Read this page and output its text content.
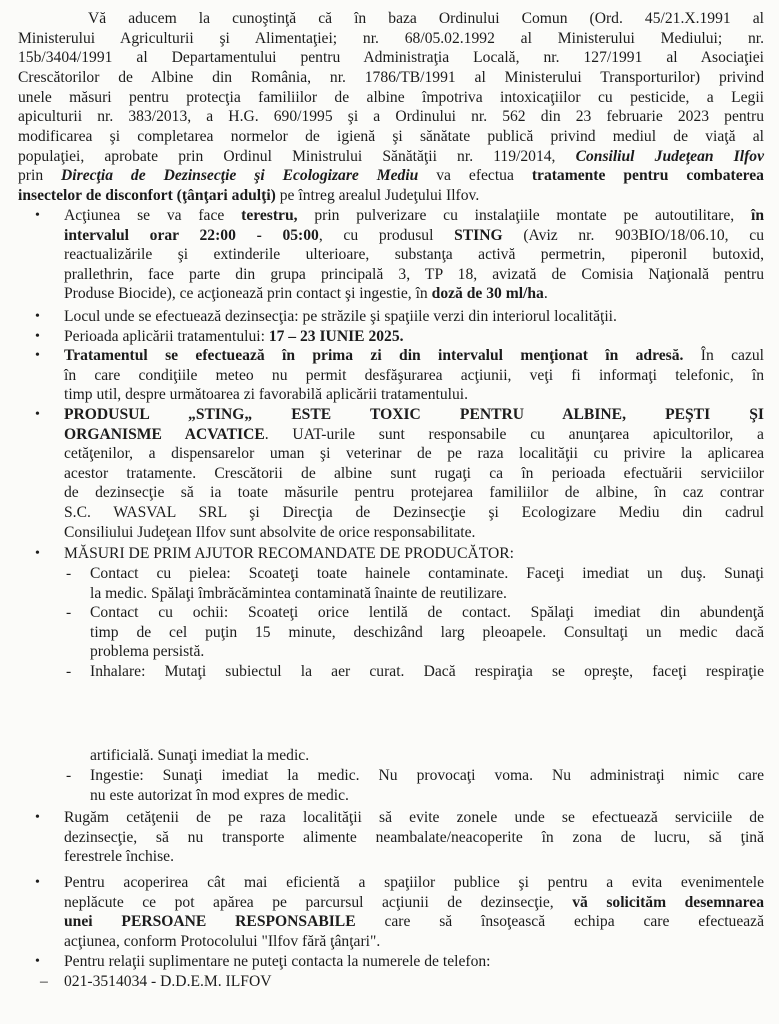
Vă aducem la cunoştinţă că în baza Ordinului Comun (Ord. 45/21.X.1991 al
Ministerului Agriculturii şi Alimentaţiei; nr. 68/05.02.1992 al Ministerului Mediului; nr.
15b/3404/1991 al Departamentului pentru Administraţia Locală, nr. 127/1991 al Asociaţiei
Crescătorilor de Albine din România, nr. 1786/TB/1991 al Ministerului Transporturilor) privind
unele măsuri pentru protecţia familiilor de albine împotriva intoxicaţiilor cu pesticide, a Legii
apiculturii nr. 383/2013, a H.G. 690/1995 şi a Ordinului nr. 562 din 23 februarie 2023 pentru
modificarea şi completarea normelor de igienă şi sănătate publică privind mediul de viaţă al
populaţiei, aprobate prin Ordinul Ministrului Sănătăţii nr. 119/2014, Consiliul Judeţean Ilfov
prin Direcţia de Dezinsecţie şi Ecologizare Mediu va efectua tratamente pentru combaterea
insectelor de disconfort (ţânţari adulţi) pe întreg arealul Judeţului Ilfov.
• Acţiunea se va face terestru, prin pulverizare cu instalaţiile montate pe autoutilitare, în
intervalul orar 22:00 - 05:00, cu produsul STING (Aviz nr. 903BIO/18/06.10, cu
reactualizările şi extinderile ulterioare, substanţa activă permetrin, piperonil butoxid,
prallethrin, face parte din grupa principală 3, TP 18, avizată de Comisia Naţională pentru
Produse Biocide), ce acţionează prin contact şi ingestie, în doză de 30 ml/ha.
• Locul unde se efectuează dezinsecţia: pe străzile şi spaţiile verzi din interiorul localităţii.
• Perioada aplicării tratamentului: 17 – 23 IUNIE 2025.
• Tratamentul se efectuează în prima zi din intervalul menţionat în adresă. În cazul
în care condiţiile meteo nu permit desfăşurarea acţiunii, veţi fi informaţi telefonic, în
timp util, despre următoarea zi favorabilă aplicării tratamentului.
• PRODUSUL „STING„ ESTE TOXIC PENTRU ALBINE, PEŞTI ŞI
ORGANISME ACVATICE. UAT-urile sunt responsabile cu anunţarea apicultorilor, a
cetăţenilor, a dispensarelor uman şi veterinar de pe raza localităţii cu privire la aplicarea
acestor tratamente. Crescătorii de albine sunt rugaţi ca în perioada efectuării serviciilor
de dezinsecţie să ia toate măsurile pentru protejarea familiilor de albine, în caz contrar
S.C. WASVAL SRL şi Direcţia de Dezinsecţie şi Ecologizare Mediu din cadrul
Consiliului Judeţean Ilfov sunt absolvite de orice responsabilitate.
• MĂSURI DE PRIM AJUTOR RECOMANDATE DE PRODUCĂTOR:
- Contact cu pielea: Scoateţi toate hainele contaminate. Faceţi imediat un duş. Sunaţi
la medic. Spălaţi îmbrăcămintea contaminată înainte de reutilizare.
- Contact cu ochii: Scoateţi orice lentilă de contact. Spălaţi imediat din abundenţă
timp de cel puţin 15 minute, deschizând larg pleoapele. Consultaţi un medic dacă
problema persistă.
- Inhalare: Mutaţi subiectul la aer curat. Dacă respiraţia se opreşte, faceţi respiraţie
artificială. Sunaţi imediat la medic.
- Ingestie: Sunaţi imediat la medic. Nu provocaţi voma. Nu administraţi nimic care
nu este autorizat în mod expres de medic.
• Rugăm cetăţenii de pe raza localităţii să evite zonele unde se efectuează serviciile de
dezinsecţie, să nu transporte alimente neambalate/neacoperite în zona de lucru, să ţină
ferestrele închise.
• Pentru acoperirea cât mai eficientă a spaţiilor publice şi pentru a evita evenimentele
neplăcute ce pot apărea pe parcursul acţiunii de dezinsecţie, vă solicităm desemnarea
unei PERSOANE RESPONSABILE care să însoţească echipa care efectuează
acţiunea, conform Protocolului "Ilfov fără ţânţari".
• Pentru relaţii suplimentare ne puteţi contacta la numerele de telefon:
– 021-3514034 - D.D.E.M. ILFOV
